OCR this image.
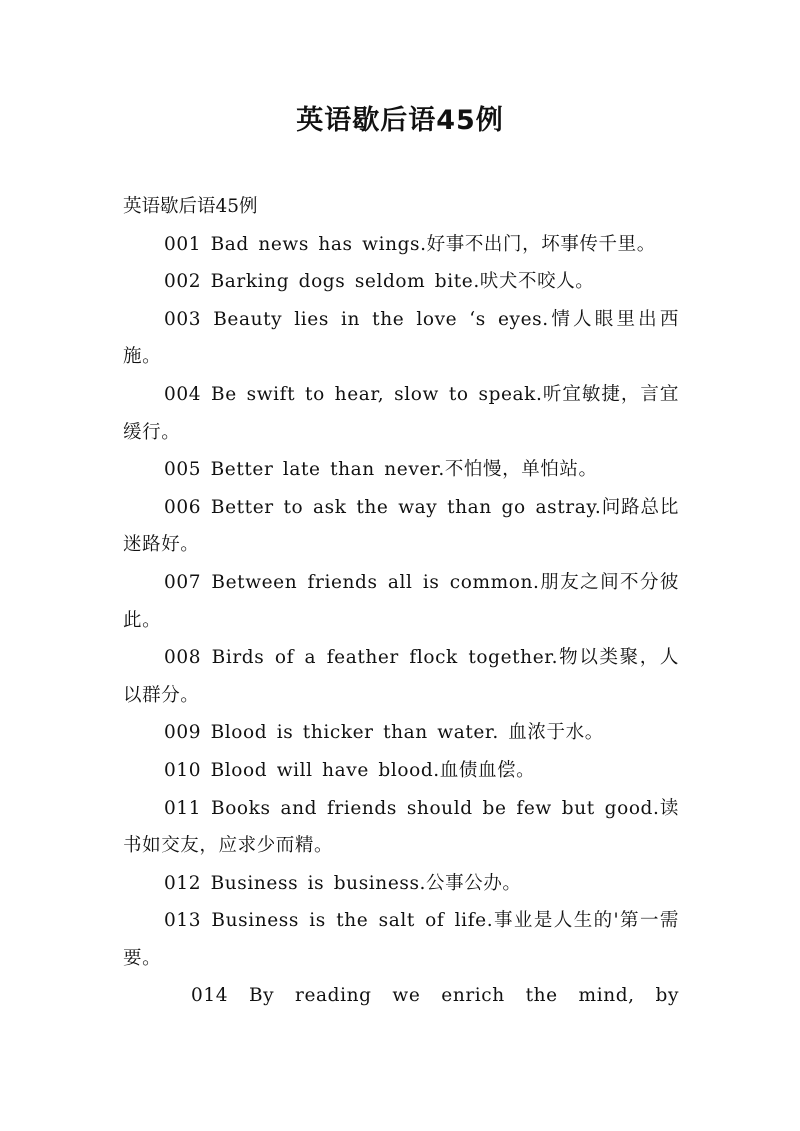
英语歇后语45例

英语歇后语45例

001 Bad news has wings.好事不出门，坏事传千里。

002 Barking dogs seldom bite.吠犬不咬人。

003 Beauty lies in the love ‘s eyes.情人眼里出西施。

004 Be swift to hear, slow to speak.听宜敏捷，言宜缓行。

005 Better late than never.不怕慢，单怕站。

006 Better to ask the way than go astray.问路总比迷路好。

007 Between friends all is common.朋友之间不分彼此。

008 Birds of a feather flock together.物以类聚，人以群分。

009 Blood is thicker than water. 血浓于水。

010 Blood will have blood.血债血偿。

011 Books and friends should be few but good.读书如交友，应求少而精。

012 Business is business.公事公办。

013 Business is the salt of life.事业是人生的'第一需要。

014 By reading we enrich the mind, by
